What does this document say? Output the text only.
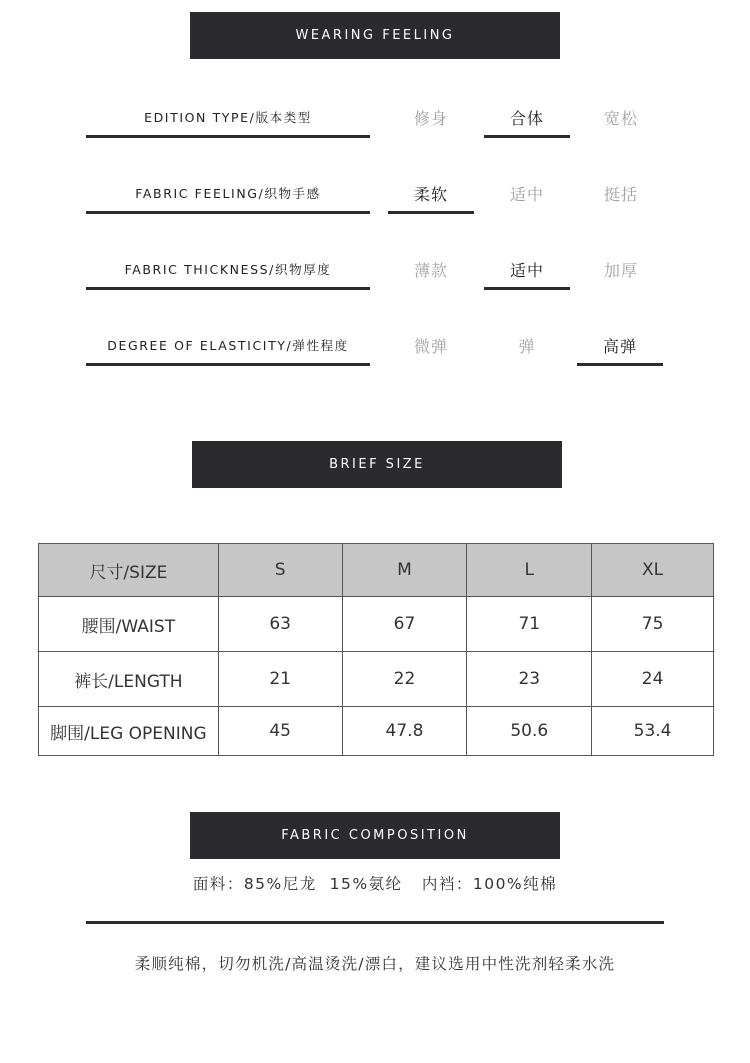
WEARING FEELING
BRIEF SIZE
FABRIC COMPOSITION
EDITION TYPE/版本类型	修身	合体	宽松
FABRIC FEELING/织物手感	柔软	适中	挺括
FABRIC THICKNESS/织物厚度	薄款	适中	加厚
DEGREE OF ELASTICITY/弹性程度	微弹	弹	高弹
尺寸/SIZE	S	M	L	XL
腰围/WAIST	63	67	71	75
裤长/LENGTH	21	22	23	24
脚围/LEG OPENING	45	47.8	50.6	53.4
面料：85%尼龙  15%氨纶   内裆：100%纯棉
柔顺纯棉，切勿机洗/高温烫洗/漂白，建议选用中性洗剂轻柔水洗
